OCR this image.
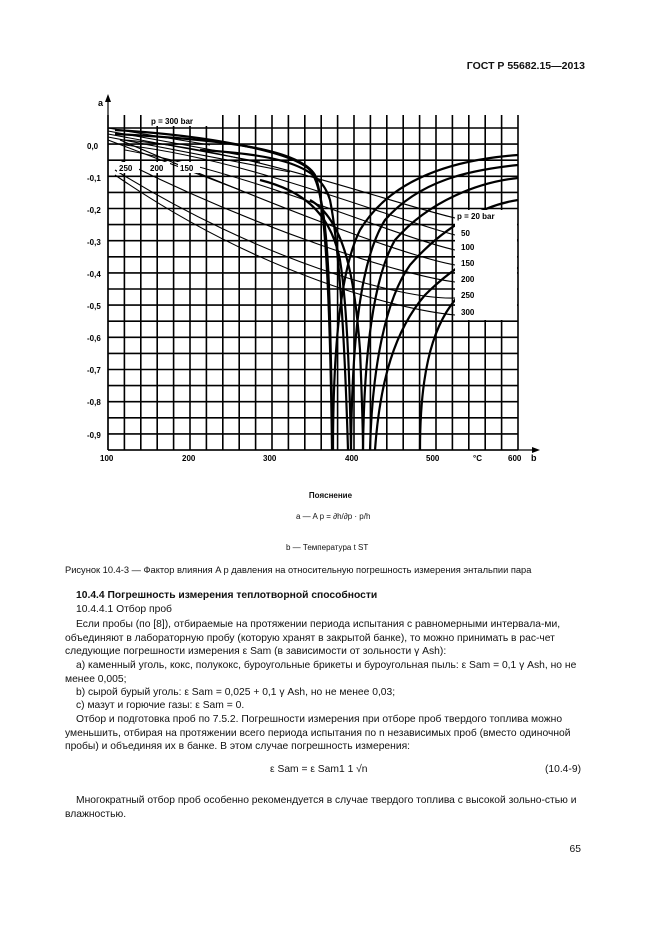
ГОСТ Р 55682.15—2013
a
b
0,0
-0,1
-0,2
-0,3
-0,4
-0,5
-0,6
-0,7
-0,8
-0,9
100	200	300	400	500	600
°C
p = 300 bar
250 200 150
p = 20 bar
50
100
150
200
250
300
Пояснение
a — A p = ∂h/∂p · p/h
b — Температура t ST
Рисунок 10.4-3 — Фактор влияния A p давления на относительную погрешность измерения энтальпии пара
10.4.4 Погрешность измерения теплотворной способности
10.4.4.1 Отбор проб
Если пробы (по [8]), отбираемые на протяжении периода испытания с равномерными интервала-ми, объединяют в лабораторную пробу (которую хранят в закрытой банке), то можно принимать в рас-чет следующие погрешности измерения ε Sam (в зависимости от зольности γ Ash):
а) каменный уголь, кокс, полукокс, буроугольные брикеты и буроугольная пыль: ε Sam = 0,1 γ Ash, но не менее 0,005;
b) сырой бурый уголь: ε Sam = 0,025 + 0,1 γ Ash, но не менее 0,03;
с) мазут и горючие газы: ε Sam = 0.
Отбор и подготовка проб по 7.5.2. Погрешности измерения при отборе проб твердого топлива можно уменьшить, отбирая на протяжении всего периода испытания по n независимых проб (вместо одиночной пробы) и объединяя их в банке. В этом случае погрешность измерения:
ε Sam = ε Sam1 1 √n	(10.4-9)
Многократный отбор проб особенно рекомендуется в случае твердого топлива с высокой зольно-стью и влажностью.
65
